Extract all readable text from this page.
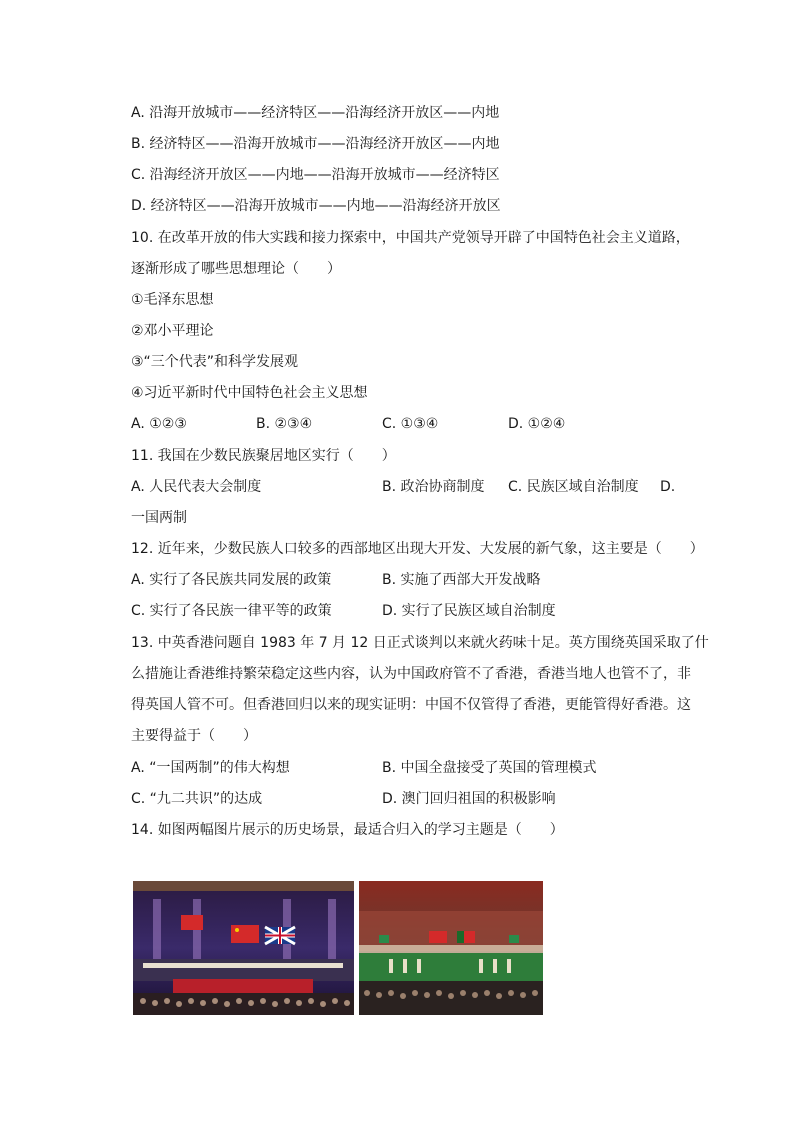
A. 沿海开放城市——经济特区——沿海经济开放区——内地
B. 经济特区——沿海开放城市——沿海经济开放区——内地
C. 沿海经济开放区——内地——沿海开放城市——经济特区
D. 经济特区——沿海开放城市——内地——沿海经济开放区
10. 在改革开放的伟大实践和接力探索中，中国共产党领导开辟了中国特色社会主义道路，
逐渐形成了哪些思想理论（　　）
①毛泽东思想
②邓小平理论
③“三个代表”和科学发展观
④习近平新时代中国特色社会主义思想
A. ①②③	B. ②③④	C. ①③④	D. ①②④
11. 我国在少数民族聚居地区实行（　　）
A. 人民代表大会制度	B. 政治协商制度 C. 民族区域自治制度 D.
一国两制
12. 近年来，少数民族人口较多的西部地区出现大开发、大发展的新气象，这主要是（　　）
A. 实行了各民族共同发展的政策	B. 实施了西部大开发战略
C. 实行了各民族一律平等的政策	D. 实行了民族区域自治制度
13. 中英香港问题自 1983 年 7 月 12 日正式谈判以来就火药味十足。英方围绕英国采取了什
么措施让香港维持繁荣稳定这些内容，认为中国政府管不了香港，香港当地人也管不了，非
得英国人管不可。但香港回归以来的现实证明：中国不仅管得了香港，更能管得好香港。这
主要得益于（　　）
A. “一国两制”的伟大构想	B. 中国全盘接受了英国的管理模式
C. “九二共识”的达成	D. 澳门回归祖国的积极影响
14. 如图两幅图片展示的历史场景，最适合归入的学习主题是（　　）
